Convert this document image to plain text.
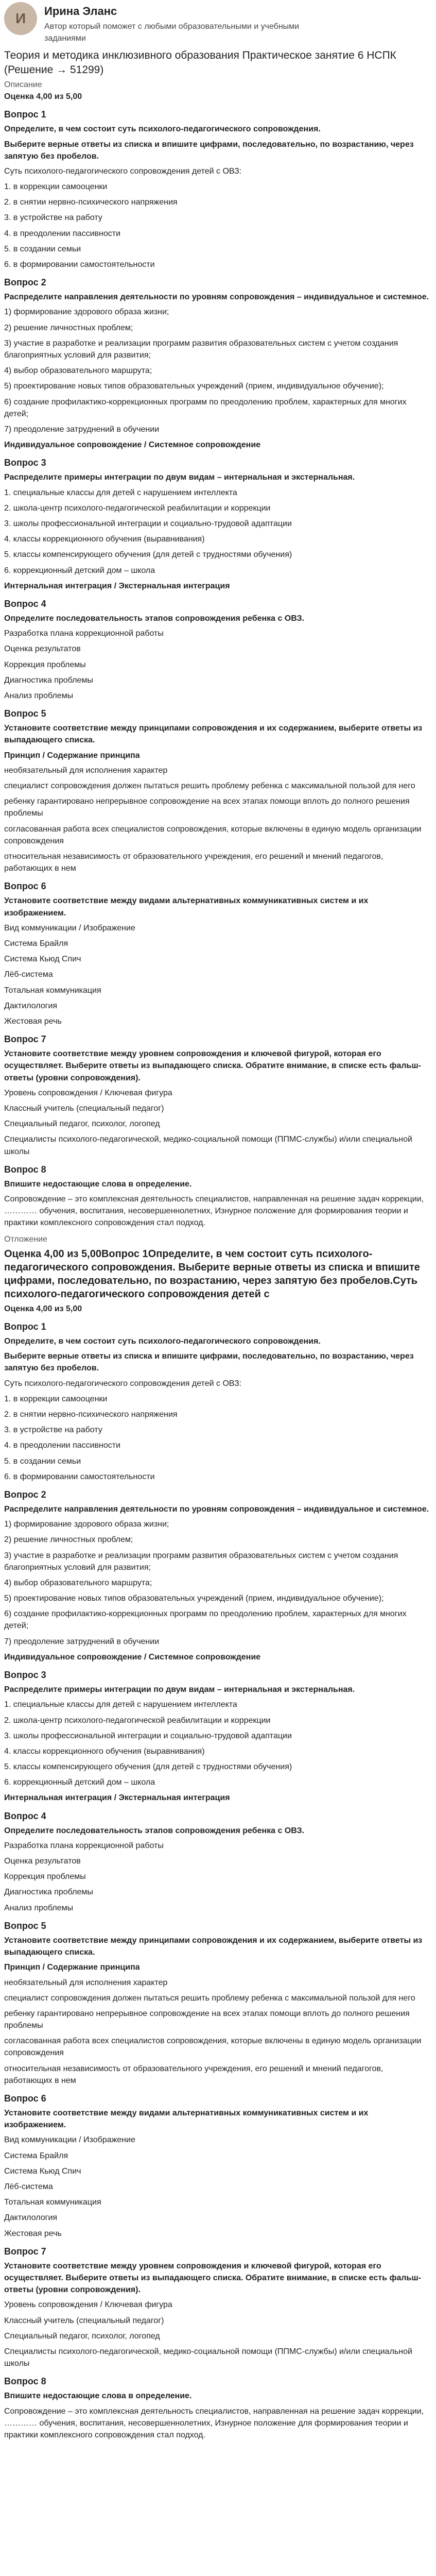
И	Ирина Эланс
Автор который поможет с любыми образовательными и учебными заданиями
Теория и методика инклюзивного образования Практическое занятие 6 НСПК (Решение → 51299)
Описание
Оценка 4,00 из 5,00
Вопрос 1
Определите, в чем состоит суть психолого-педагогического сопровождения.
Выберите верные ответы из списка и впишите цифрами, последовательно, по возрастанию, через запятую без пробелов.
Суть психолого-педагогического сопровождения детей с ОВЗ:
1. в коррекции самооценки
2. в снятии нервно-психического напряжения
3. в устройстве на работу
4. в преодолении пассивности
5. в создании семьи
6. в формировании самостоятельности
Вопрос 2
Распределите направления деятельности по уровням сопровождения – индивидуальное и системное.
1) формирование здорового образа жизни;
2) решение личностных проблем;
3) участие в разработке и реализации программ развития образовательных систем с учетом создания благоприятных условий для развития;
4) выбор образовательного маршрута;
5) проектирование новых типов образовательных учреждений (прием, индивидуальное обучение);
6) создание профилактико-коррекционных программ по преодолению проблем, характерных для многих детей;
7) преодоление затруднений в обучении
Индивидуальное сопровождение / Системное сопровождение
Вопрос 3
Распределите примеры интеграции по двум видам – интернальная и экстернальная.
1. специальные классы для детей с нарушением интеллекта
2. школа-центр психолого-педагогической реабилитации и коррекции
3. школы профессиональной интеграции и социально-трудовой адаптации
4. классы коррекционного обучения (выравнивания)
5. классы компенсирующего обучения (для детей с трудностями обучения)
6. коррекционный детский дом – школа
Интернальная интеграция / Экстернальная интеграция
Вопрос 4
Определите последовательность этапов сопровождения ребенка с ОВЗ.
Разработка плана коррекционной работы
Оценка результатов
Коррекция проблемы
Диагностика проблемы
Анализ проблемы
Вопрос 5
Установите соответствие между принципами сопровождения и их содержанием, выберите ответы из выпадающего списка.
Принцип / Содержание принципа
необязательный для исполнения характер
специалист сопровождения должен пытаться решить проблему ребенка с максимальной пользой для него
ребенку гарантировано непрерывное сопровождение на всех этапах помощи вплоть до полного решения проблемы
согласованная работа всех специалистов сопровождения, которые включены в единую модель организации сопровождения
относительная независимость от образовательного учреждения, его решений и мнений педагогов, работающих в нем
Вопрос 6
Установите соответствие между видами альтернативных коммуникативных систем и их изображением.
Вид коммуникации / Изображение
Система Брайля
Система Кьюд Спич
Лёб-система
Тотальная коммуникация
Дактилология
Жестовая речь
Вопрос 7
Установите соответствие между уровнем сопровождения и ключевой фигурой, которая его осуществляет. Выберите ответы из выпадающего списка. Обратите внимание, в списке есть фальш-ответы (уровни сопровождения).
Уровень сопровождения / Ключевая фигура
Классный учитель (специальный педагог)
Специальный педагог, психолог, логопед
Специалисты психолого-педагогической, медико-социальной помощи (ППМС-службы) и/или специальной школы
Вопрос 8
Впишите недостающие слова в определение.
Сопровождение – это комплексная деятельность специалистов, направленная на решение задач коррекции, ………… обучения, воспитания, несовершеннолетних, Изнурное положение для формирования теории и практики комплексного сопровождения стал подход.
Отложение
Оценка 4,00 из 5,00Вопрос 1Определите, в чем состоит суть психолого-педагогического сопровождения. Выберите верные ответы из списка и впишите цифрами, последовательно, по возрастанию, через запятую без пробелов.Суть психолого-педагогического сопровождения детей с
Оценка 4,00 из 5,00
Вопрос 1
Определите, в чем состоит суть психолого-педагогического сопровождения.
Выберите верные ответы из списка и впишите цифрами, последовательно, по возрастанию, через запятую без пробелов.
Суть психолого-педагогического сопровождения детей с ОВЗ:
1. в коррекции самооценки
2. в снятии нервно-психического напряжения
3. в устройстве на работу
4. в преодолении пассивности
5. в создании семьи
6. в формировании самостоятельности
Вопрос 2
Распределите направления деятельности по уровням сопровождения – индивидуальное и системное.
1) формирование здорового образа жизни;
2) решение личностных проблем;
3) участие в разработке и реализации программ развития образовательных систем с учетом создания благоприятных условий для развития;
4) выбор образовательного маршрута;
5) проектирование новых типов образовательных учреждений (прием, индивидуальное обучение);
6) создание профилактико-коррекционных программ по преодолению проблем, характерных для многих детей;
7) преодоление затруднений в обучении
Индивидуальное сопровождение / Системное сопровождение
Вопрос 3
Распределите примеры интеграции по двум видам – интернальная и экстернальная.
1. специальные классы для детей с нарушением интеллекта
2. школа-центр психолого-педагогической реабилитации и коррекции
3. школы профессиональной интеграции и социально-трудовой адаптации
4. классы коррекционного обучения (выравнивания)
5. классы компенсирующего обучения (для детей с трудностями обучения)
6. коррекционный детский дом – школа
Интернальная интеграция / Экстернальная интеграция
Вопрос 4
Определите последовательность этапов сопровождения ребенка с ОВЗ.
Разработка плана коррекционной работы
Оценка результатов
Коррекция проблемы
Диагностика проблемы
Анализ проблемы
Вопрос 5
Установите соответствие между принципами сопровождения и их содержанием, выберите ответы из выпадающего списка.
Принцип / Содержание принципа
необязательный для исполнения характер
специалист сопровождения должен пытаться решить проблему ребенка с максимальной пользой для него
ребенку гарантировано непрерывное сопровождение на всех этапах помощи вплоть до полного решения проблемы
согласованная работа всех специалистов сопровождения, которые включены в единую модель организации сопровождения
относительная независимость от образовательного учреждения, его решений и мнений педагогов, работающих в нем
Вопрос 6
Установите соответствие между видами альтернативных коммуникативных систем и их изображением.
Вид коммуникации / Изображение
Система Брайля
Система Кьюд Спич
Лёб-система
Тотальная коммуникация
Дактилология
Жестовая речь
Вопрос 7
Установите соответствие между уровнем сопровождения и ключевой фигурой, которая его осуществляет. Выберите ответы из выпадающего списка. Обратите внимание, в списке есть фальш-ответы (уровни сопровождения).
Уровень сопровождения / Ключевая фигура
Классный учитель (специальный педагог)
Специальный педагог, психолог, логопед
Специалисты психолого-педагогической, медико-социальной помощи (ППМС-службы) и/или специальной школы
Вопрос 8
Впишите недостающие слова в определение.
Сопровождение – это комплексная деятельность специалистов, направленная на решение задач коррекции, ………… обучения, воспитания, несовершеннолетних, Изнурное положение для формирования теории и практики комплексного сопровождения стал подход.
